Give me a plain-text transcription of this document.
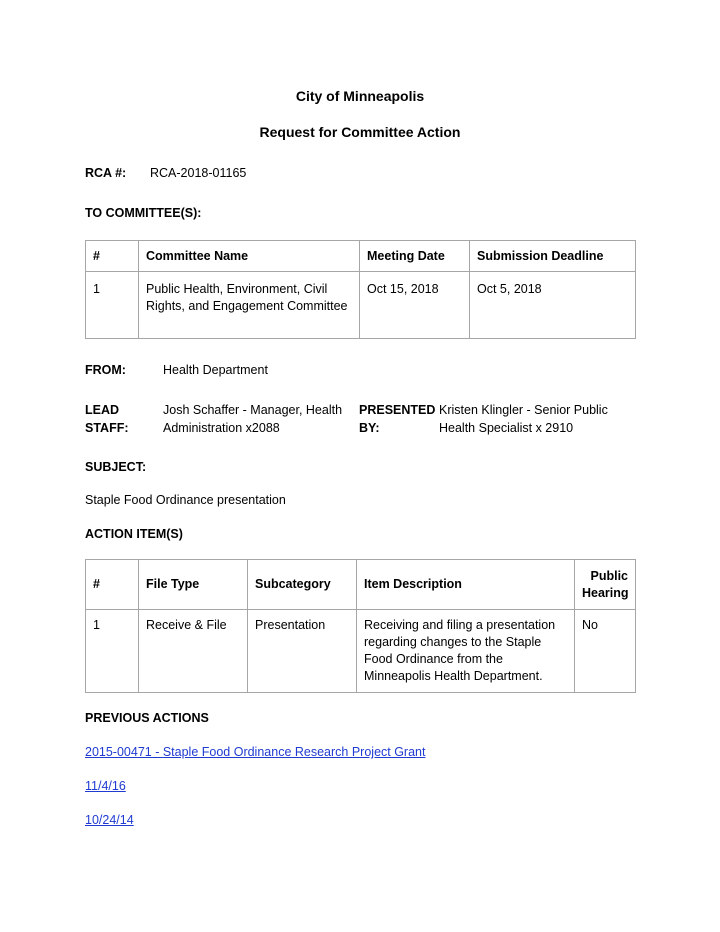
City of Minneapolis
Request for Committee Action
RCA #: RCA-2018-01165
TO COMMITTEE(S):
#	Committee Name	Meeting Date	Submission Deadline
1	Public Health, Environment, Civil Rights, and Engagement Committee	Oct 15, 2018	Oct 5, 2018
FROM:	Health Department
LEAD
STAFF:
Josh Schaffer - Manager, Health
Administration x2088
PRESENTED
BY:
Kristen Klingler - Senior Public
Health Specialist x 2910
SUBJECT:
Staple Food Ordinance presentation
ACTION ITEM(S)
#	File Type	Subcategory	Item Description	Public Hearing
1	Receive & File	Presentation	Receiving and filing a presentation regarding changes to the Staple Food Ordinance from the Minneapolis Health Department.	No
PREVIOUS ACTIONS
2015-00471 - Staple Food Ordinance Research Project Grant
11/4/16
10/24/14
